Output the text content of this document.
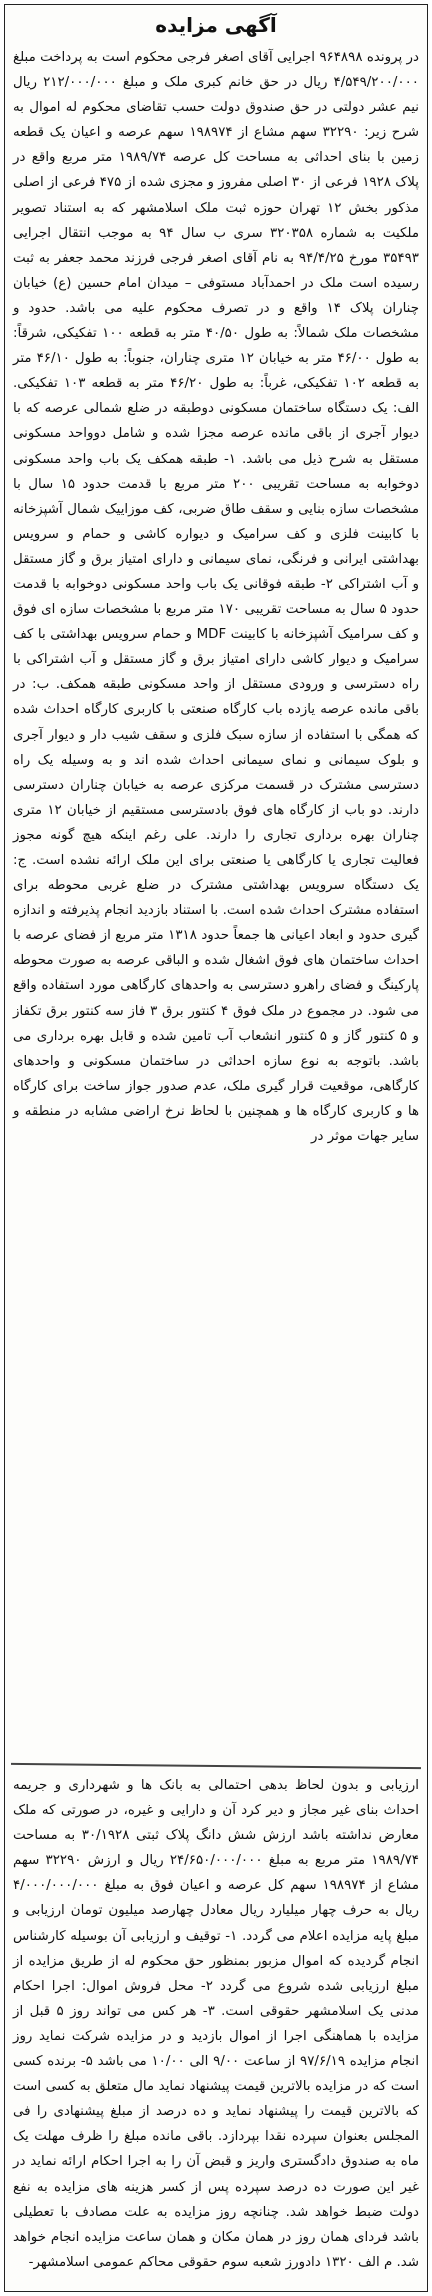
آگهی مزایده

در پرونده ۹۶۴۸۹۸ اجرایی آقای اصغر فرجی محکوم است به پرداخت مبلغ ۴/۵۴۹/۲۰۰/۰۰۰ ریال در حق خانم کبری ملک و مبلغ ۲۱۲/۰۰۰/۰۰۰ ریال نیم عشر دولتی در حق صندوق دولت حسب تقاضای محکوم له اموال به شرح زیر: ۳۲۲۹۰ سهم مشاع از ۱۹۸۹۷۴ سهم عرصه و اعیان یک قطعه زمین با بنای احداثی به مساحت کل عرصه ۱۹۸۹/۷۴ متر مربع واقع در پلاک ۱۹۲۸ فرعی از ۳۰ اصلی مفروز و مجزی شده از ۴۷۵ فرعی از اصلی مذکور بخش ۱۲ تهران حوزه ثبت ملک اسلامشهر که به استناد تصویر ملکیت به شماره ۳۲۰۳۵۸ سری ب سال ۹۴ به موجب انتقال اجرایی ۳۵۴۹۳ مورخ ۹۴/۴/۲۵ به نام آقای اصغر فرجی فرزند محمد جعفر به ثبت رسیده است ملک در احمدآباد مستوفی – میدان امام حسین (ع) خیابان چناران پلاک ۱۴ واقع و در تصرف محکوم علیه می باشد. حدود و مشخصات ملک شمالاً: به طول ۴۰/۵۰ متر به قطعه ۱۰۰ تفکیکی، شرقاً: به طول ۴۶/۰۰ متر به خیابان ۱۲ متری چناران، جنوباً: به طول ۴۶/۱۰ متر به قطعه ۱۰۲ تفکیکی، غرباً: به طول ۴۶/۲۰ متر به قطعه ۱۰۳ تفکیکی. الف: یک دستگاه ساختمان مسکونی دوطبقه در ضلع شمالی عرصه که با دیوار آجری از باقی مانده عرصه مجزا شده و شامل دوواحد مسکونی مستقل به شرح ذیل می باشد. ۱- طبقه همکف یک باب واحد مسکونی دوخوابه به مساحت تقریبی ۲۰۰ متر مربع با قدمت حدود ۱۵ سال با مشخصات سازه بنایی و سقف طاق ضربی، کف موزاییک شمال آشپزخانه با کابینت فلزی و کف سرامیک و دیواره کاشی و حمام و سرویس بهداشتی ایرانی و فرنگی، نمای سیمانی و دارای امتیاز برق و گاز مستقل و آب اشتراکی ۲- طبقه فوقانی یک باب واحد مسکونی دوخوابه با قدمت حدود ۵ سال به مساحت تقریبی ۱۷۰ متر مربع با مشخصات سازه ای فوق و کف سرامیک آشپزخانه با کابینت MDF و حمام سرویس بهداشتی با کف سرامیک و دیوار کاشی دارای امتیاز برق و گاز مستقل و آب اشتراکی با راه دسترسی و ورودی مستقل از واحد مسکونی طبقه همکف. ب: در باقی مانده عرصه یازده باب کارگاه صنعتی با کاربری کارگاه احداث شده که همگی با استفاده از سازه سبک فلزی و سقف شیب دار و دیوار آجری و بلوک سیمانی و نمای سیمانی احداث شده اند و به وسیله یک راه دسترسی مشترک در قسمت مرکزی عرصه به خیابان چناران دسترسی دارند. دو باب از کارگاه های فوق بادسترسی مستقیم از خیابان ۱۲ متری چناران بهره برداری تجاری را دارند. علی رغم اینکه هیچ گونه مجوز فعالیت تجاری یا کارگاهی یا صنعتی برای این ملک ارائه نشده است. ج: یک دستگاه سرویس بهداشتی مشترک در ضلع غربی محوطه برای استفاده مشترک احداث شده است. با استناد بازدید انجام پذیرفته و اندازه گیری حدود و ابعاد اعیانی ها جمعاً حدود ۱۳۱۸ متر مربع از فضای عرصه با احداث ساختمان های فوق اشغال شده و الباقی عرصه به صورت محوطه پارکینگ و فضای راهرو دسترسی به واحدهای کارگاهی مورد استفاده واقع می شود. در مجموع در ملک فوق ۴ کنتور برق ۳ فاز سه کنتور برق تکفاز و ۵ کنتور گاز و ۵ کنتور انشعاب آب تامین شده و قابل بهره برداری می باشد. باتوجه به نوع سازه احداثی در ساختمان مسکونی و واحدهای کارگاهی، موقعیت قرار گیری ملک، عدم صدور جواز ساخت برای کارگاه ها و کاربری کارگاه ها و همچنین با لحاظ نرخ اراضی مشابه در منطقه و سایر جهات موثر در

ارزیابی و بدون لحاظ بدهی احتمالی به بانک ها و شهرداری و جریمه احداث بنای غیر مجاز و دیر کرد آن و دارایی و غیره، در صورتی که ملک معارض نداشته باشد ارزش شش دانگ پلاک ثبتی ۳۰/۱۹۲۸ به مساحت ۱۹۸۹/۷۴ متر مربع به مبلغ ۲۴/۶۵۰/۰۰۰/۰۰۰ ریال و ارزش ۳۲۲۹۰ سهم مشاع از ۱۹۸۹۷۴ سهم کل عرصه و اعیان فوق به مبلغ ۴/۰۰۰/۰۰۰/۰۰۰ ریال به حرف چهار میلیارد ریال معادل چهارصد میلیون تومان ارزیابی و مبلغ پایه مزایده اعلام می گردد. ۱- توقیف و ارزیابی آن بوسیله کارشناس انجام گردیده که اموال مزبور بمنظور حق محکوم له از طریق مزایده از مبلغ ارزیابی شده شروع می گردد ۲- محل فروش اموال: اجرا احکام مدنی یک اسلامشهر حقوقی است. ۳- هر کس می تواند روز ۵ قبل از مزایده با هماهنگی اجرا از اموال بازدید و در مزایده شرکت نماید روز انجام مزایده ۹۷/۶/۱۹ از ساعت ۹/۰۰ الی ۱۰/۰۰ می باشد ۵- برنده کسی است که در مزایده بالاترین قیمت پیشنهاد نماید مال متعلق به کسی است که بالاترین قیمت را پیشنهاد نماید و ده درصد از مبلغ پیشنهادی را فی المجلس بعنوان سپرده نقدا بپردازد. باقی مانده مبلغ را ظرف مهلت یک ماه به صندوق دادگستری واریز و قبض آن را به اجرا احکام ارائه نماید در غیر این صورت ده درصد سپرده پس از کسر هزینه های مزایده به نفع دولت ضبط خواهد شد. چنانچه روز مزایده به علت مصادف با تعطیلی باشد فردای همان روز در همان مکان و همان ساعت مزایده انجام خواهد شد. م الف ۱۳۲۰ دادورز شعبه سوم حقوقی محاکم عمومی اسلامشهر-
